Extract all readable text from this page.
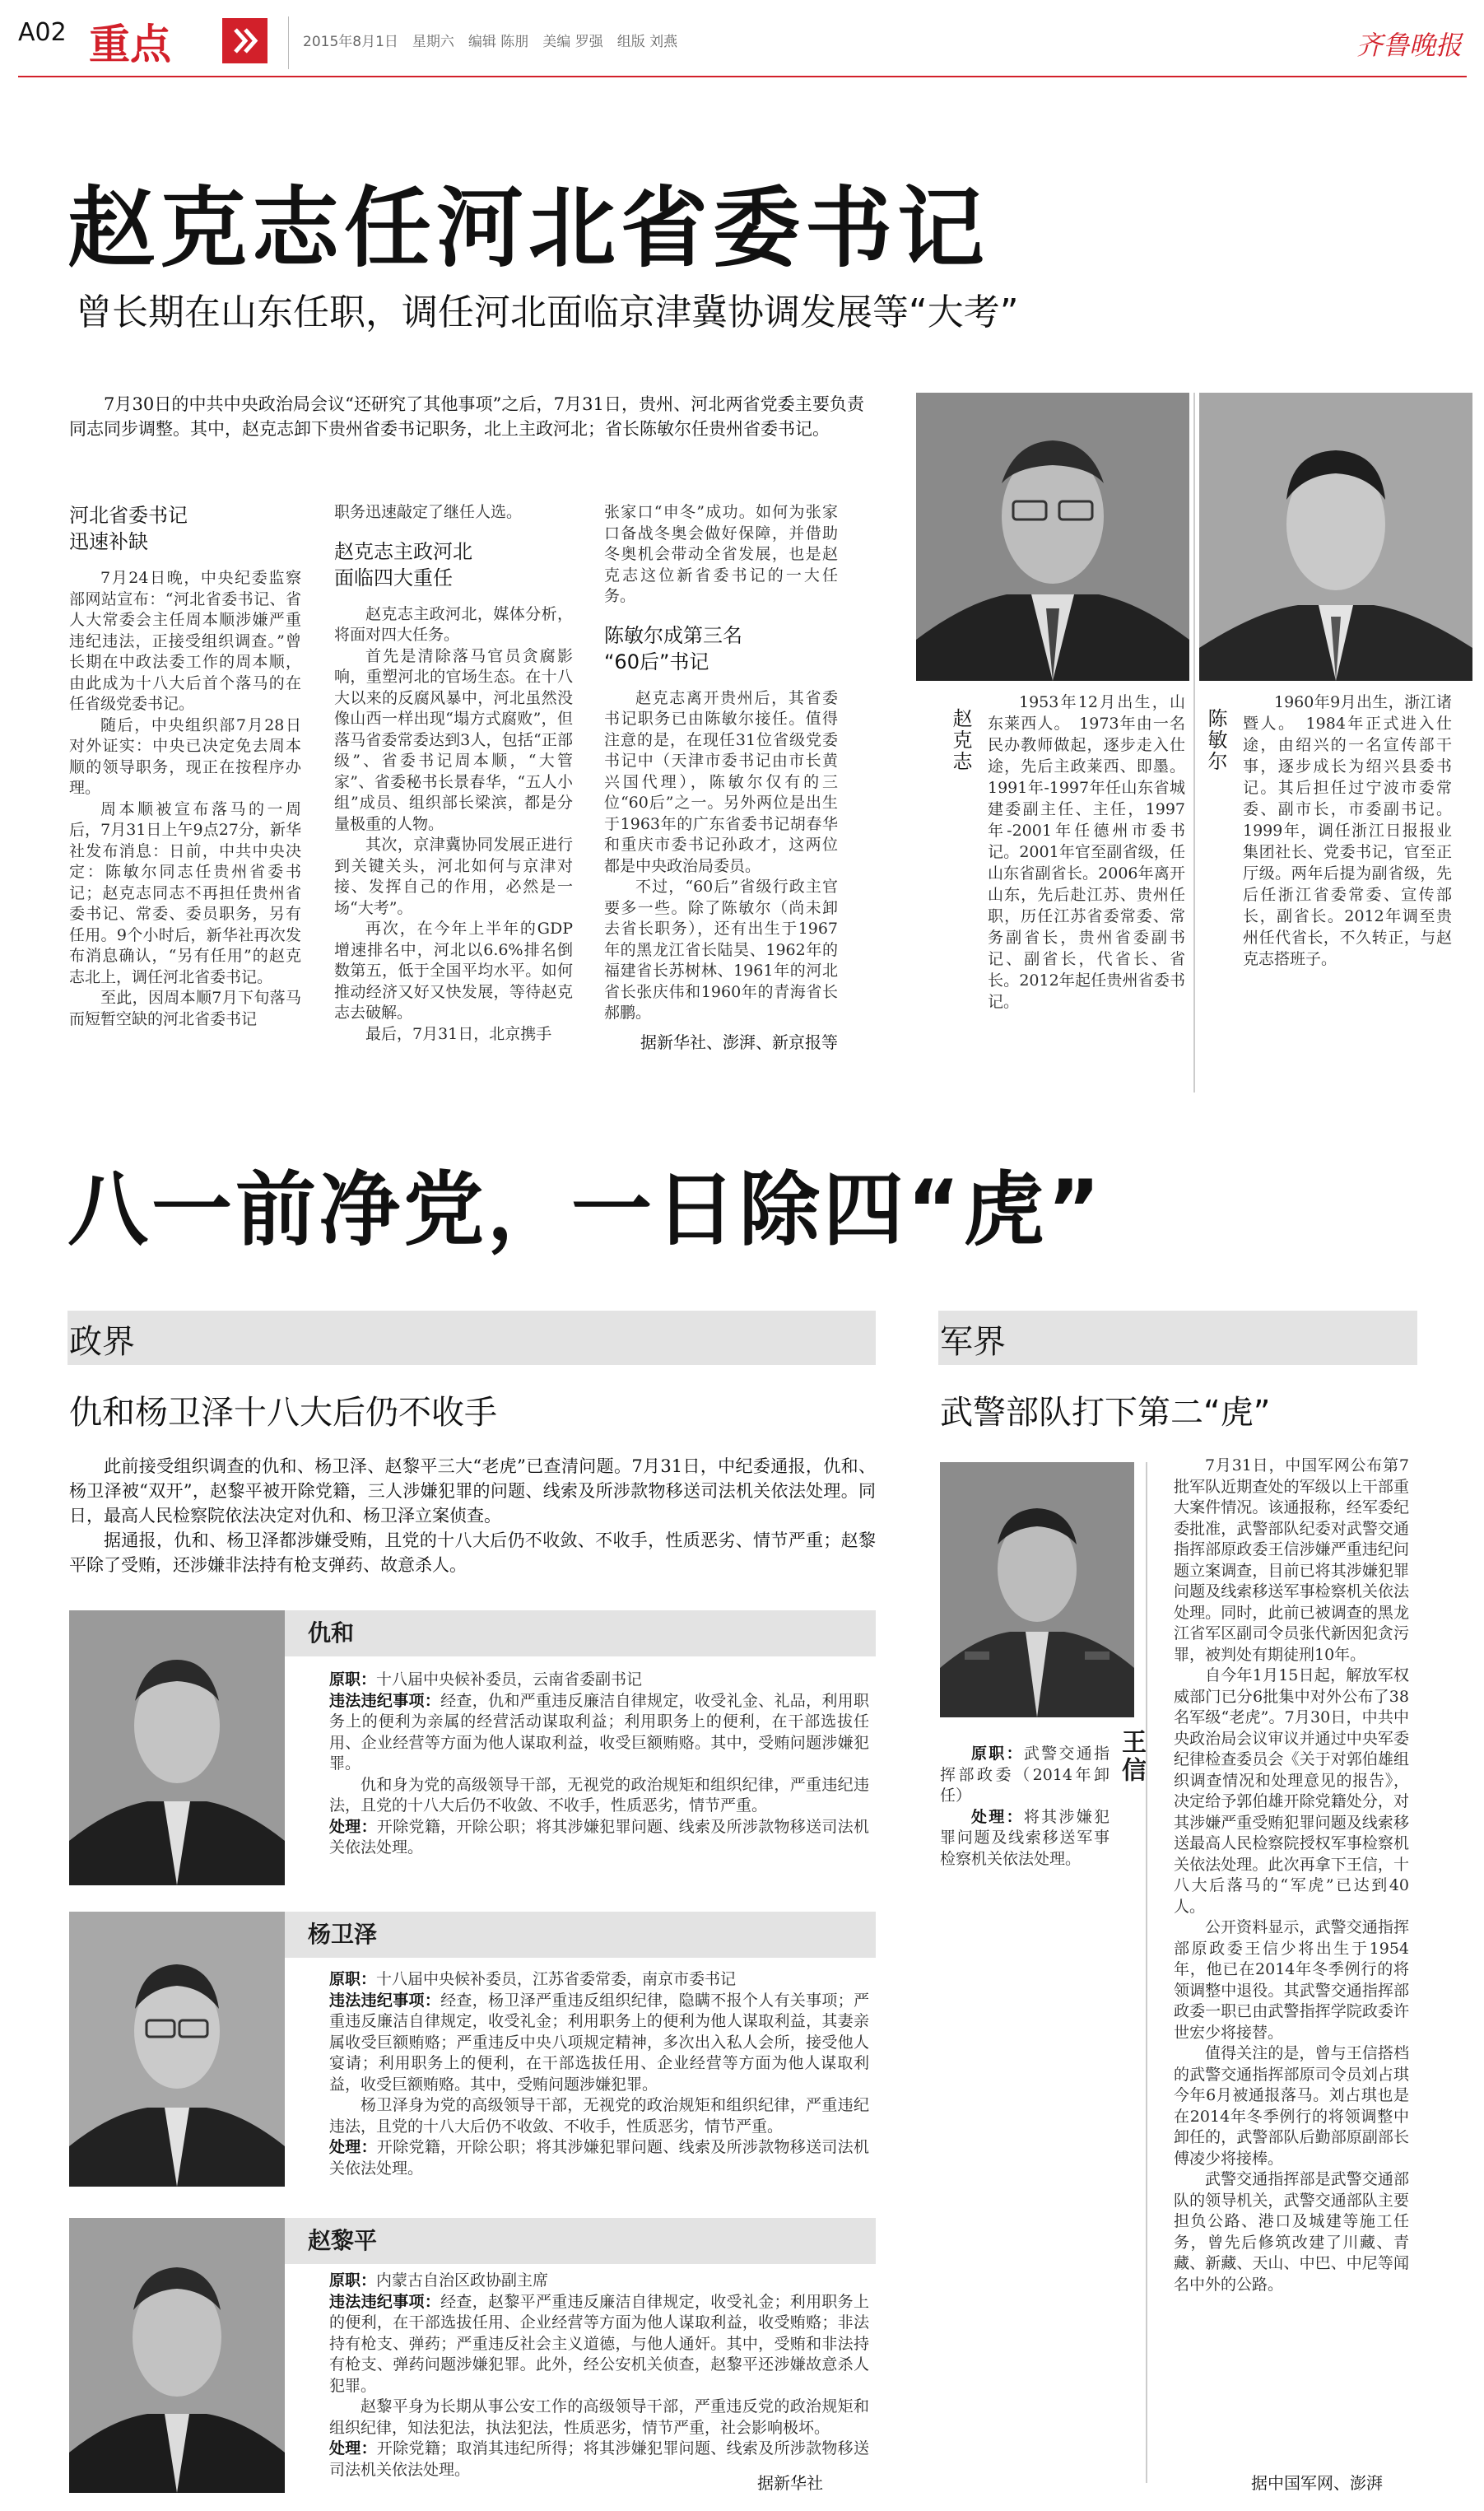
A02 重点	2015年8月1日　星期六　编辑 陈朋　美编 罗强　组版 刘燕	齐鲁晚报
赵克志任河北省委书记
曾长期在山东任职，调任河北面临京津冀协调发展等“大考”
7月30日的中共中央政治局会议“还研究了其他事项”之后，7月31日，贵州、河北两省党委主要负责同志同步调整。其中，赵克志卸下贵州省委书记职务，北上主政河北；省长陈敏尔任贵州省委书记。
河北省委书记
迅速补缺
7月24日晚，中央纪委监察部网站宣布：“河北省委书记、省人大常委会主任周本顺涉嫌严重违纪违法，正接受组织调查。”曾长期在中政法委工作的周本顺，由此成为十八大后首个落马的在任省级党委书记。
随后，中央组织部7月28日对外证实：中央已决定免去周本顺的领导职务，现正在按程序办理。
周本顺被宣布落马的一周后，7月31日上午9点27分，新华社发布消息：日前，中共中央决定：陈敏尔同志任贵州省委书记；赵克志同志不再担任贵州省委书记、常委、委员职务，另有任用。9个小时后，新华社再次发布消息确认，“另有任用”的赵克志北上，调任河北省委书记。
至此，因周本顺7月下旬落马而短暂空缺的河北省委书记
职务迅速敲定了继任人选。
赵克志主政河北
面临四大重任
赵克志主政河北，媒体分析，将面对四大任务。
首先是清除落马官员贪腐影响，重塑河北的官场生态。在十八大以来的反腐风暴中，河北虽然没像山西一样出现“塌方式腐败”，但落马省委常委达到3人，包括“正部级”、省委书记周本顺，“大管家”、省委秘书长景春华，“五人小组”成员、组织部长梁滨，都是分量极重的人物。
其次，京津冀协同发展正进行到关键关头，河北如何与京津对接、发挥自己的作用，必然是一场“大考”。
再次，在今年上半年的GDP增速排名中，河北以6.6%排名倒数第五，低于全国平均水平。如何推动经济又好又快发展，等待赵克志去破解。
最后，7月31日，北京携手
张家口“申冬”成功。如何为张家口备战冬奥会做好保障，并借助冬奥机会带动全省发展，也是赵克志这位新省委书记的一大任务。
陈敏尔成第三名
“60后”书记
赵克志离开贵州后，其省委书记职务已由陈敏尔接任。值得注意的是，在现任31位省级党委书记中（天津市委书记由市长黄兴国代理），陈敏尔仅有的三位“60后”之一。另外两位是出生于1963年的广东省委书记胡春华和重庆市委书记孙政才，这两位都是中央政治局委员。
不过，“60后”省级行政主官要多一些。除了陈敏尔（尚未卸去省长职务），还有出生于1967年的黑龙江省长陆昊、1962年的福建省长苏树林、1961年的河北省长张庆伟和1960年的青海省长郝鹏。
据新华社、澎湃、新京报等
赵克志
1953年12月出生，山东莱西人。　1973年由一名民办教师做起，逐步走入仕途，先后主政莱西、即墨。1991年-1997年任山东省城建委副主任、主任，1997年-2001年任德州市委书记。2001年官至副省级，任山东省副省长。2006年离开山东，先后赴江苏、贵州任职，历任江苏省委常委、常务副省长，贵州省委副书记、副省长，代省长、省长。2012年起任贵州省委书记。
陈敏尔
1960年9月出生，浙江诸暨人。　1984年正式进入仕途，由绍兴的一名宣传部干事，逐步成长为绍兴县委书记。其后担任过宁波市委常委、副市长，市委副书记。1999年，调任浙江日报报业集团社长、党委书记，官至正厅级。两年后提为副省级，先后任浙江省委常委、宣传部长，副省长。2012年调至贵州任代省长，不久转正，与赵克志搭班子。
八一前净党，一日除四“虎”
政界
仇和杨卫泽十八大后仍不收手
此前接受组织调查的仇和、杨卫泽、赵黎平三大“老虎”已查清问题。7月31日，中纪委通报，仇和、杨卫泽被“双开”，赵黎平被开除党籍，三人涉嫌犯罪的问题、线索及所涉款物移送司法机关依法处理。同日，最高人民检察院依法决定对仇和、杨卫泽立案侦查。
据通报，仇和、杨卫泽都涉嫌受贿，且党的十八大后仍不收敛、不收手，性质恶劣、情节严重；赵黎平除了受贿，还涉嫌非法持有枪支弹药、故意杀人。
仇和
原职：十八届中央候补委员，云南省委副书记
违法违纪事项：经查，仇和严重违反廉洁自律规定，收受礼金、礼品，利用职务上的便利为亲属的经营活动谋取利益；利用职务上的便利，在干部选拔任用、企业经营等方面为他人谋取利益，收受巨额贿赂。其中，受贿问题涉嫌犯罪。
仇和身为党的高级领导干部，无视党的政治规矩和组织纪律，严重违纪违法，且党的十八大后仍不收敛、不收手，性质恶劣，情节严重。
处理：开除党籍，开除公职；将其涉嫌犯罪问题、线索及所涉款物移送司法机关依法处理。
杨卫泽
原职：十八届中央候补委员，江苏省委常委，南京市委书记
违法违纪事项：经查，杨卫泽严重违反组织纪律，隐瞒不报个人有关事项；严重违反廉洁自律规定，收受礼金；利用职务上的便利为他人谋取利益，其妻亲属收受巨额贿赂；严重违反中央八项规定精神，多次出入私人会所，接受他人宴请；利用职务上的便利，在干部选拔任用、企业经营等方面为他人谋取利益，收受巨额贿赂。其中，受贿问题涉嫌犯罪。
杨卫泽身为党的高级领导干部，无视党的政治规矩和组织纪律，严重违纪违法，且党的十八大后仍不收敛、不收手，性质恶劣，情节严重。
处理：开除党籍，开除公职；将其涉嫌犯罪问题、线索及所涉款物移送司法机关依法处理。
赵黎平
原职：内蒙古自治区政协副主席
违法违纪事项：经查，赵黎平严重违反廉洁自律规定，收受礼金；利用职务上的便利，在干部选拔任用、企业经营等方面为他人谋取利益，收受贿赂；非法持有枪支、弹药；严重违反社会主义道德，与他人通奸。其中，受贿和非法持有枪支、弹药问题涉嫌犯罪。此外，经公安机关侦查，赵黎平还涉嫌故意杀人犯罪。
赵黎平身为长期从事公安工作的高级领导干部，严重违反党的政治规矩和组织纪律，知法犯法，执法犯法，性质恶劣，情节严重，社会影响极坏。
处理：开除党籍；取消其违纪所得；将其涉嫌犯罪问题、线索及所涉款物移送司法机关依法处理。
据新华社
军界
武警部队打下第二“虎”
王信
原职：武警交通指挥部政委（2014年卸任）
处理：将其涉嫌犯罪问题及线索移送军事检察机关依法处理。
7月31日，中国军网公布第7批军队近期查处的军级以上干部重大案件情况。该通报称，经军委纪委批准，武警部队纪委对武警交通指挥部原政委王信涉嫌严重违纪问题立案调查，目前已将其涉嫌犯罪问题及线索移送军事检察机关依法处理。同时，此前已被调查的黑龙江省军区副司令员张代新因犯贪污罪，被判处有期徒刑10年。
自今年1月15日起，解放军权威部门已分6批集中对外公布了38名军级“老虎”。7月30日，中共中央政治局会议审议并通过中央军委纪律检查委员会《关于对郭伯雄组织调查情况和处理意见的报告》，决定给予郭伯雄开除党籍处分，对其涉嫌严重受贿犯罪问题及线索移送最高人民检察院授权军事检察机关依法处理。此次再拿下王信，十八大后落马的“军虎”已达到40人。
公开资料显示，武警交通指挥部原政委王信少将出生于1954年，他已在2014年冬季例行的将领调整中退役。其武警交通指挥部政委一职已由武警指挥学院政委许世宏少将接替。
值得关注的是，曾与王信搭档的武警交通指挥部原司令员刘占琪今年6月被通报落马。刘占琪也是在2014年冬季例行的将领调整中卸任的，武警部队后勤部原副部长傅凌少将接棒。
武警交通指挥部是武警交通部队的领导机关，武警交通部队主要担负公路、港口及城建等施工任务，曾先后修筑改建了川藏、青藏、新藏、天山、中巴、中尼等闻名中外的公路。
据中国军网、澎湃
